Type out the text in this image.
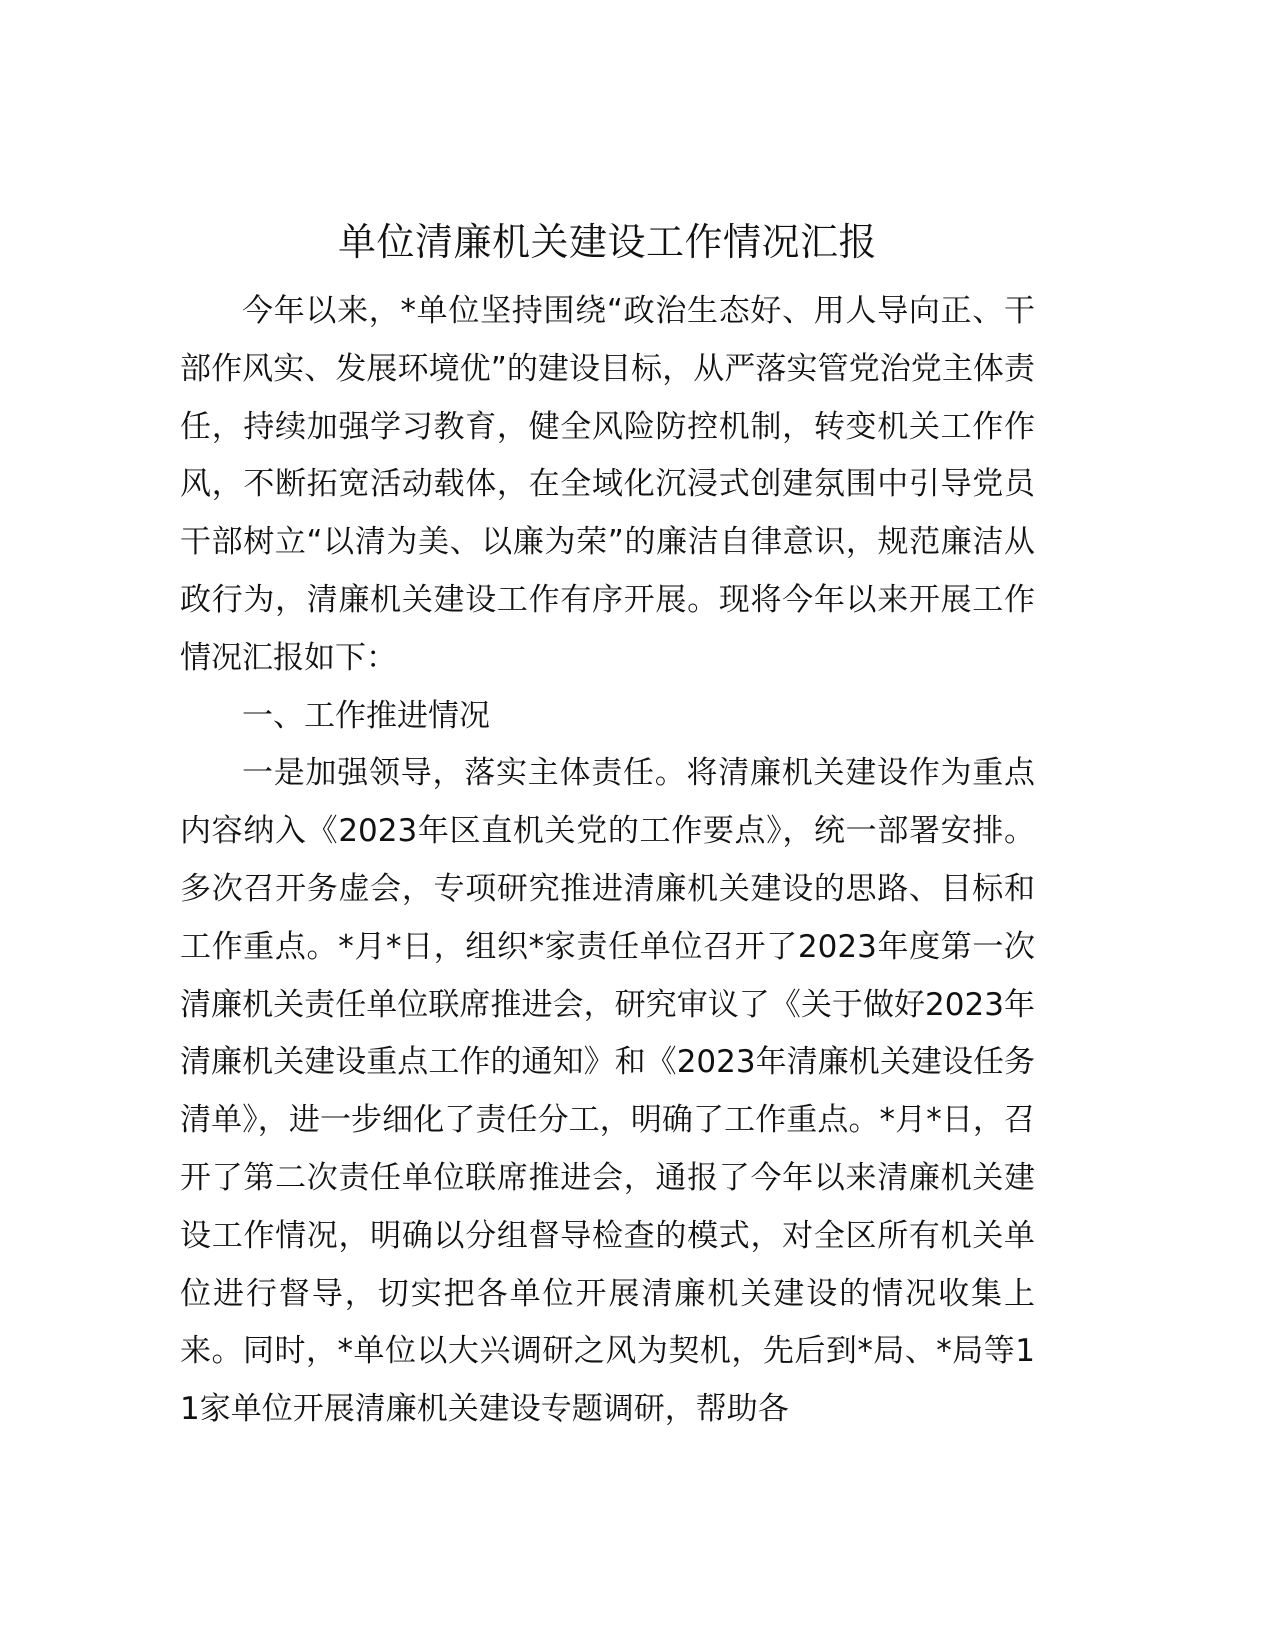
单位清廉机关建设工作情况汇报

今年以来，*单位坚持围绕“政治生态好、用人导向正、干部作风实、发展环境优”的建设目标，从严落实管党治党主体责任，持续加强学习教育，健全风险防控机制，转变机关工作作风，不断拓宽活动载体，在全域化沉浸式创建氛围中引导党员干部树立“以清为美、以廉为荣”的廉洁自律意识，规范廉洁从政行为，清廉机关建设工作有序开展。现将今年以来开展工作情况汇报如下：

一、工作推进情况

一是加强领导，落实主体责任。将清廉机关建设作为重点内容纳入《2023年区直机关党的工作要点》，统一部署安排。多次召开务虚会，专项研究推进清廉机关建设的思路、目标和工作重点。*月*日，组织*家责任单位召开了2023年度第一次清廉机关责任单位联席推进会，研究审议了《关于做好2023年清廉机关建设重点工作的通知》和《2023年清廉机关建设任务清单》，进一步细化了责任分工，明确了工作重点。*月*日，召开了第二次责任单位联席推进会，通报了今年以来清廉机关建设工作情况，明确以分组督导检查的模式，对全区所有机关单位进行督导，切实把各单位开展清廉机关建设的情况收集上来。同时，*单位以大兴调研之风为契机，先后到*局、*局等11家单位开展清廉机关建设专题调研，帮助各
